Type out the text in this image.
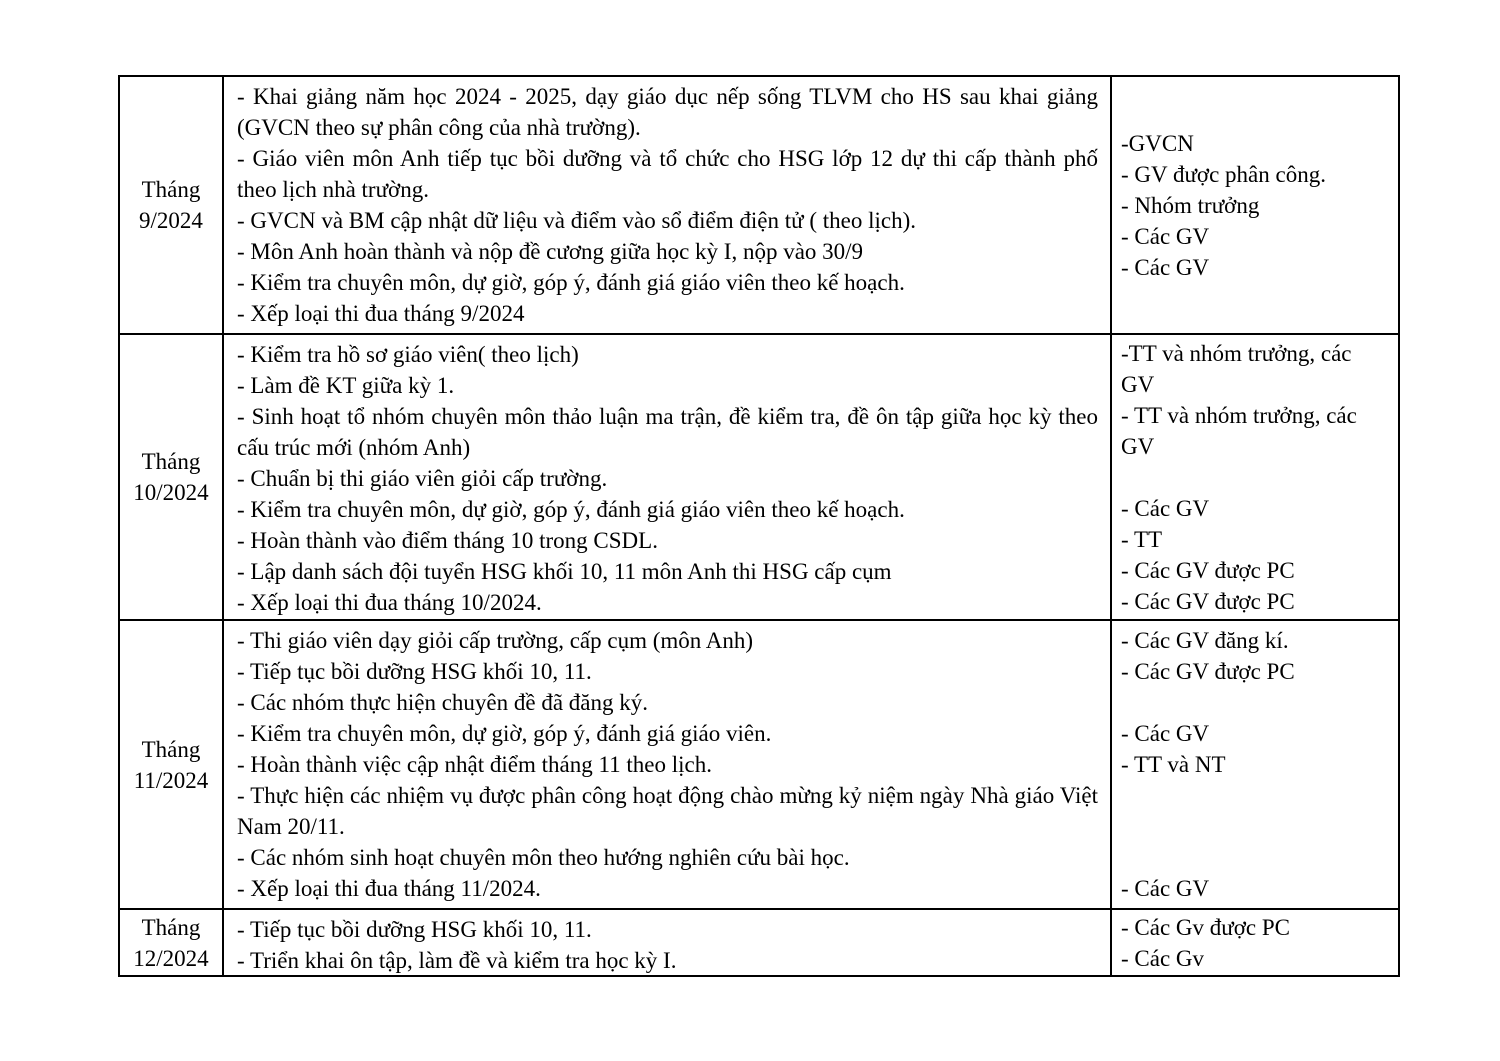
Tháng
9/2024

- Khai giảng năm học 2024 - 2025, dạy giáo dục nếp sống TLVM cho HS sau khai giảng (GVCN theo sự phân công của nhà trường).

- Giáo viên môn Anh tiếp tục bồi dưỡng và tổ chức cho HSG lớp 12 dự thi cấp thành phố theo lịch nhà trường.

- GVCN và BM cập nhật dữ liệu và điểm vào sổ điểm điện tử ( theo lịch).

- Môn Anh hoàn thành và nộp đề cương giữa học kỳ I, nộp vào 30/9

- Kiểm tra chuyên môn, dự giờ, góp ý, đánh giá giáo viên theo kế hoạch.

- Xếp loại thi đua tháng 9/2024

-GVCN
- GV được phân công.
- Nhóm trưởng
- Các GV
- Các GV
Tháng
10/2024

- Kiểm tra hồ sơ giáo viên( theo lịch)

- Làm đề KT giữa kỳ 1.

- Sinh hoạt tổ nhóm chuyên môn thảo luận ma trận, đề kiểm tra, đề ôn tập giữa học kỳ theo cấu trúc mới (nhóm Anh)

- Chuẩn bị thi giáo viên giỏi cấp trường.

- Kiểm tra chuyên môn, dự giờ, góp ý, đánh giá giáo viên theo kế hoạch.

- Hoàn thành vào điểm tháng 10 trong CSDL.

- Lập danh sách đội tuyển HSG khối 10, 11 môn Anh thi HSG cấp cụm

- Xếp loại thi đua tháng 10/2024.

-TT và nhóm trưởng, các
GV
- TT và nhóm trưởng, các
GV
- Các GV
- TT
- Các GV được PC
- Các GV được PC
Tháng
11/2024

- Thi giáo viên dạy giỏi cấp trường, cấp cụm (môn Anh)

- Tiếp tục bồi dưỡng HSG khối 10, 11.

- Các nhóm thực hiện chuyên đề đã đăng ký.

- Kiểm tra chuyên môn, dự giờ, góp ý, đánh giá giáo viên.

- Hoàn thành việc cập nhật điểm tháng 11 theo lịch.

- Thực hiện các nhiệm vụ được phân công hoạt động chào mừng kỷ niệm ngày Nhà giáo Việt Nam 20/11.

- Các nhóm sinh hoạt chuyên môn theo hướng nghiên cứu bài học.

- Xếp loại thi đua tháng 11/2024.

- Các GV đăng kí.
- Các GV được PC
- Các GV
- TT và NT
- Các GV
Tháng
12/2024

- Tiếp tục bồi dưỡng HSG khối 10, 11.

- Triển khai ôn tập, làm đề và kiểm tra học kỳ I.

- Các Gv được PC
- Các Gv
